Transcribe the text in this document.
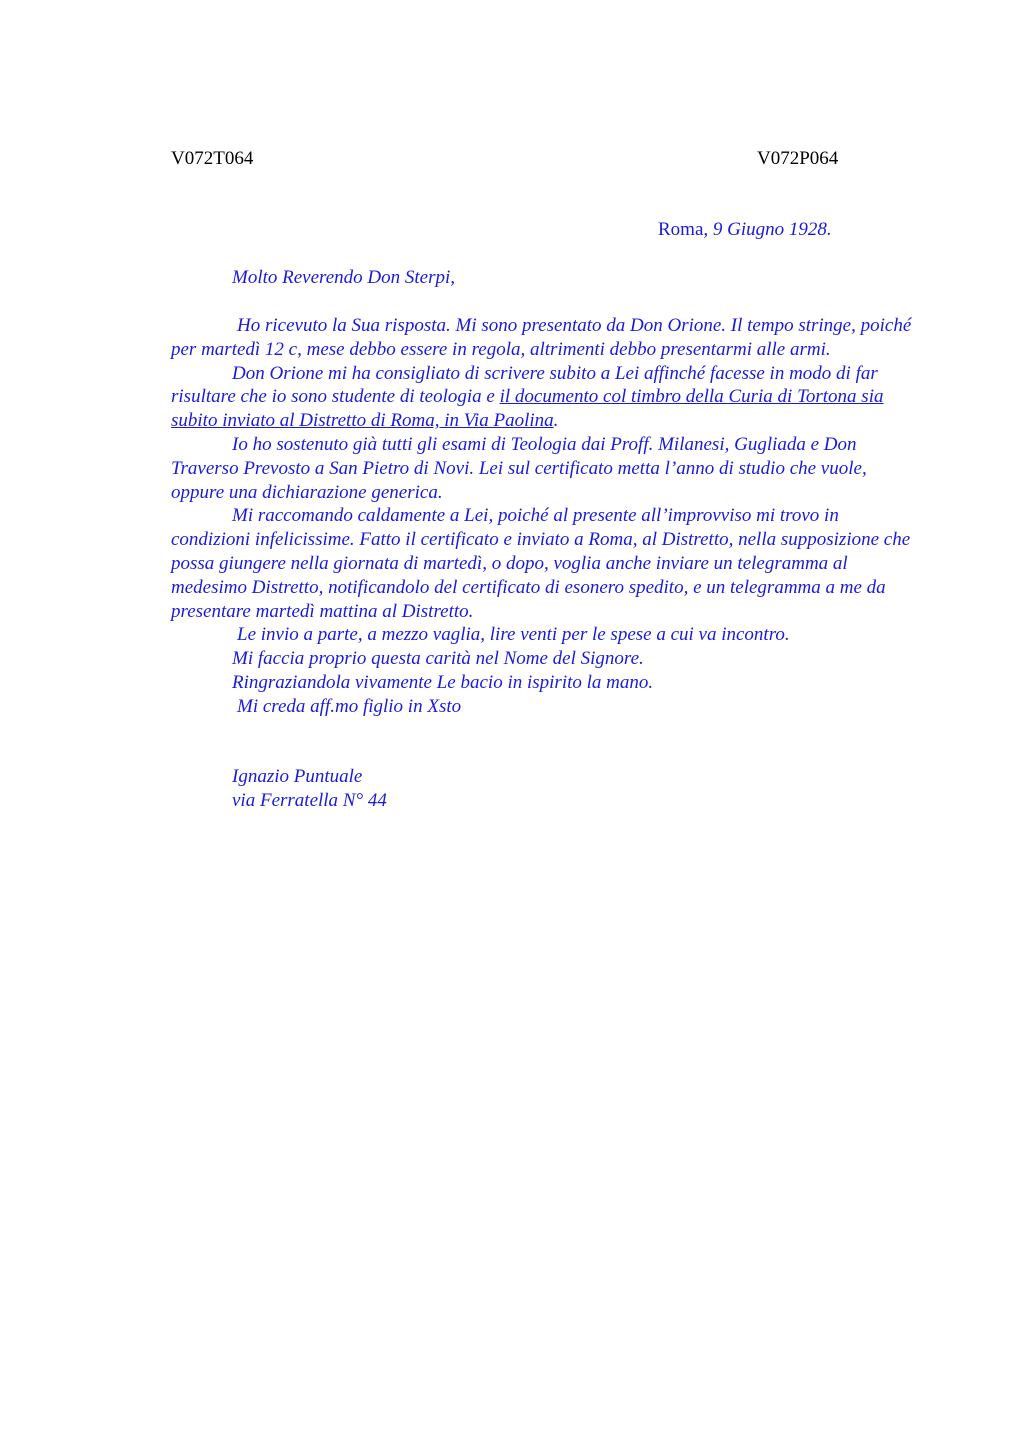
V072T064	V072P064
Roma, 9 Giugno 1928.
Molto Reverendo Don Sterpi,

Ho ricevuto la Sua risposta. Mi sono presentato da Don Orione. Il tempo stringe, poiché per martedì 12 c, mese debbo essere in regola, altrimenti debbo presentarmi alle armi.

Don Orione mi ha consigliato di scrivere subito a Lei affinché facesse in modo di far risultare che io sono studente di teologia e il documento col timbro della Curia di Tortona sia subito inviato al Distretto di Roma, in Via Paolina.

Io ho sostenuto già tutti gli esami di Teologia dai Proff. Milanesi, Gugliada e Don Traverso Prevosto a San Pietro di Novi. Lei sul certificato metta l’anno di studio che vuole, oppure una dichiarazione generica.

Mi raccomando caldamente a Lei, poiché al presente all’improvviso mi trovo in condizioni infelicissime. Fatto il certificato e inviato a Roma, al Distretto, nella supposizione che possa giungere nella giornata di martedì, o dopo, voglia anche inviare un telegramma al medesimo Distretto, notificandolo del certificato di esonero spedito, e un telegramma a me da presentare martedì mattina al Distretto.

Le invio a parte, a mezzo vaglia, lire venti per le spese a cui va incontro.

Mi faccia proprio questa carità nel Nome del Signore.

Ringraziandola vivamente Le bacio in ispirito la mano.

Mi creda aff.mo figlio in Xsto

Ignazio Puntuale
via Ferratella N° 44
